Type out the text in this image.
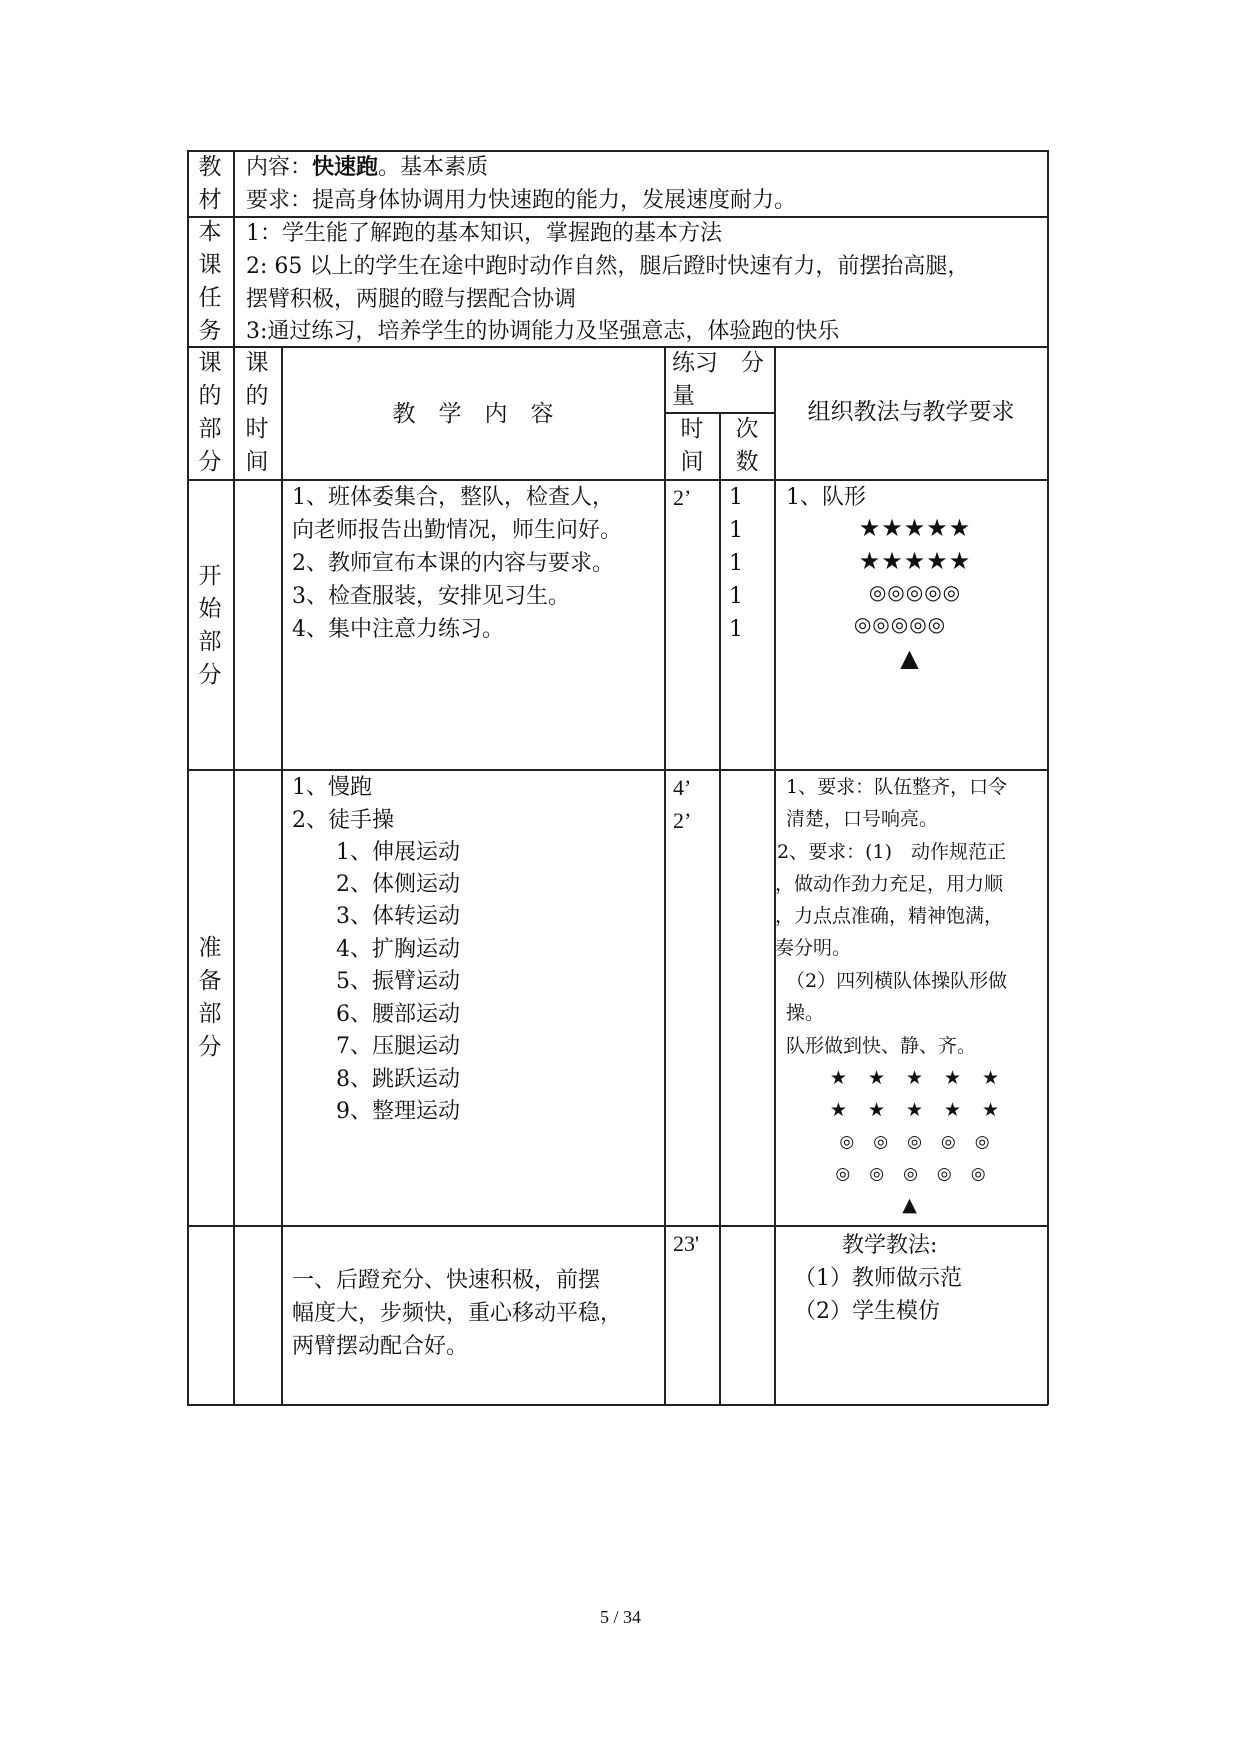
教材
内容：快速跑。基本素质
要求：提高身体协调用力快速跑的能力，发展速度耐力。
本课任务
1：学生能了解跑的基本知识，掌握跑的基本方法
2: 65 以上的学生在途中跑时动作自然，腿后蹬时快速有力，前摆抬高腿，
摆臂积极，两腿的瞪与摆配合协调
3:通过练习，培养学生的协调能力及坚强意志，体验跑的快乐
课的部分
课的时间
教　学　内　容
练习　分量
时间
次数
组织教法与教学要求
开始部分
1、班体委集合，整队，检查人，
向老师报告出勤情况，师生问好。
2、教师宣布本课的内容与要求。
3、检查服装，安排见习生。
4、集中注意力练习。
2’ 1
1
1
1
1
1、队形
★★★★★
★★★★★
◎◎◎◎◎
◎◎◎◎◎
▲
准备部分
1、慢跑
2、徒手操
1、伸展运动
2、体侧运动
3、体转运动
4、扩胸运动
5、振臂运动
6、腰部运动
7、压腿运动
8、跳跃运动
9、整理运动
4’
2’
1、要求：队伍整齐，口令
清楚，口号响亮。
2、要求：(1)　动作规范正
，做动作劲力充足，用力顺
，力点点准确，精神饱满，
奏分明。
（2）四列横队体操队形做
操。
队形做到快、静、齐。
★　★　★　★　★
★　★　★　★　★
◎　◎　◎　◎　◎
◎　◎　◎　◎　◎
▲
一、后蹬充分、快速积极，前摆
幅度大，步频快，重心移动平稳，
两臂摆动配合好。
23'	教学教法:
（1）教师做示范
（2）学生模仿
5 / 34
